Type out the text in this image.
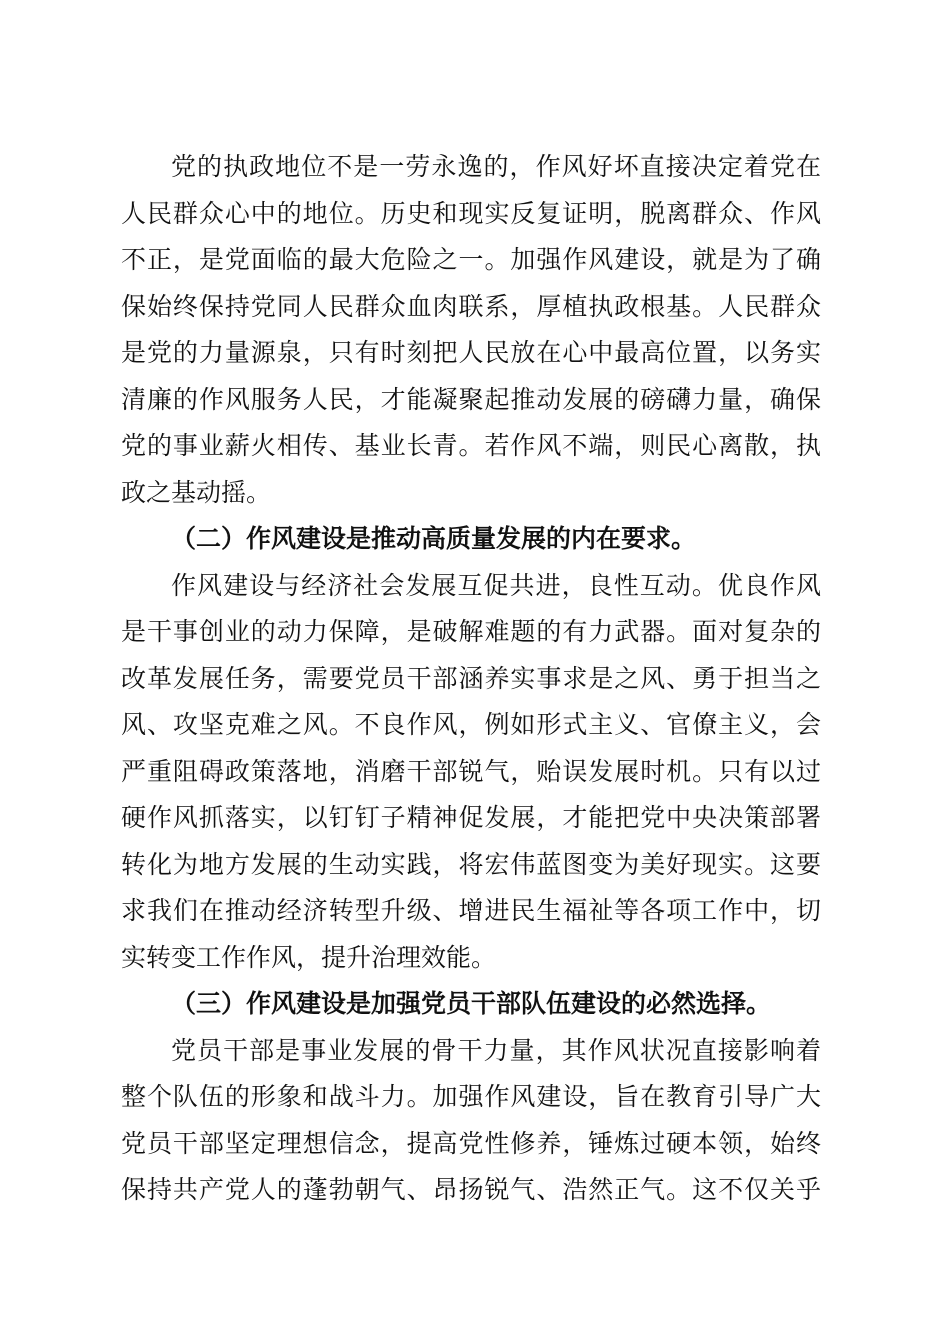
党的执政地位不是一劳永逸的，作风好坏直接决定着党在
人民群众心中的地位。历史和现实反复证明，脱离群众、作风
不正，是党面临的最大危险之一。加强作风建设，就是为了确
保始终保持党同人民群众血肉联系，厚植执政根基。人民群众
是党的力量源泉，只有时刻把人民放在心中最高位置，以务实
清廉的作风服务人民，才能凝聚起推动发展的磅礴力量，确保
党的事业薪火相传、基业长青。若作风不端，则民心离散，执
政之基动摇。
（二）作风建设是推动高质量发展的内在要求。
作风建设与经济社会发展互促共进，良性互动。优良作风
是干事创业的动力保障，是破解难题的有力武器。面对复杂的
改革发展任务，需要党员干部涵养实事求是之风、勇于担当之
风、攻坚克难之风。不良作风，例如形式主义、官僚主义，会
严重阻碍政策落地，消磨干部锐气，贻误发展时机。只有以过
硬作风抓落实，以钉钉子精神促发展，才能把党中央决策部署
转化为地方发展的生动实践，将宏伟蓝图变为美好现实。这要
求我们在推动经济转型升级、增进民生福祉等各项工作中，切
实转变工作作风，提升治理效能。
（三）作风建设是加强党员干部队伍建设的必然选择。
党员干部是事业发展的骨干力量，其作风状况直接影响着
整个队伍的形象和战斗力。加强作风建设，旨在教育引导广大
党员干部坚定理想信念，提高党性修养，锤炼过硬本领，始终
保持共产党人的蓬勃朝气、昂扬锐气、浩然正气。这不仅关乎
